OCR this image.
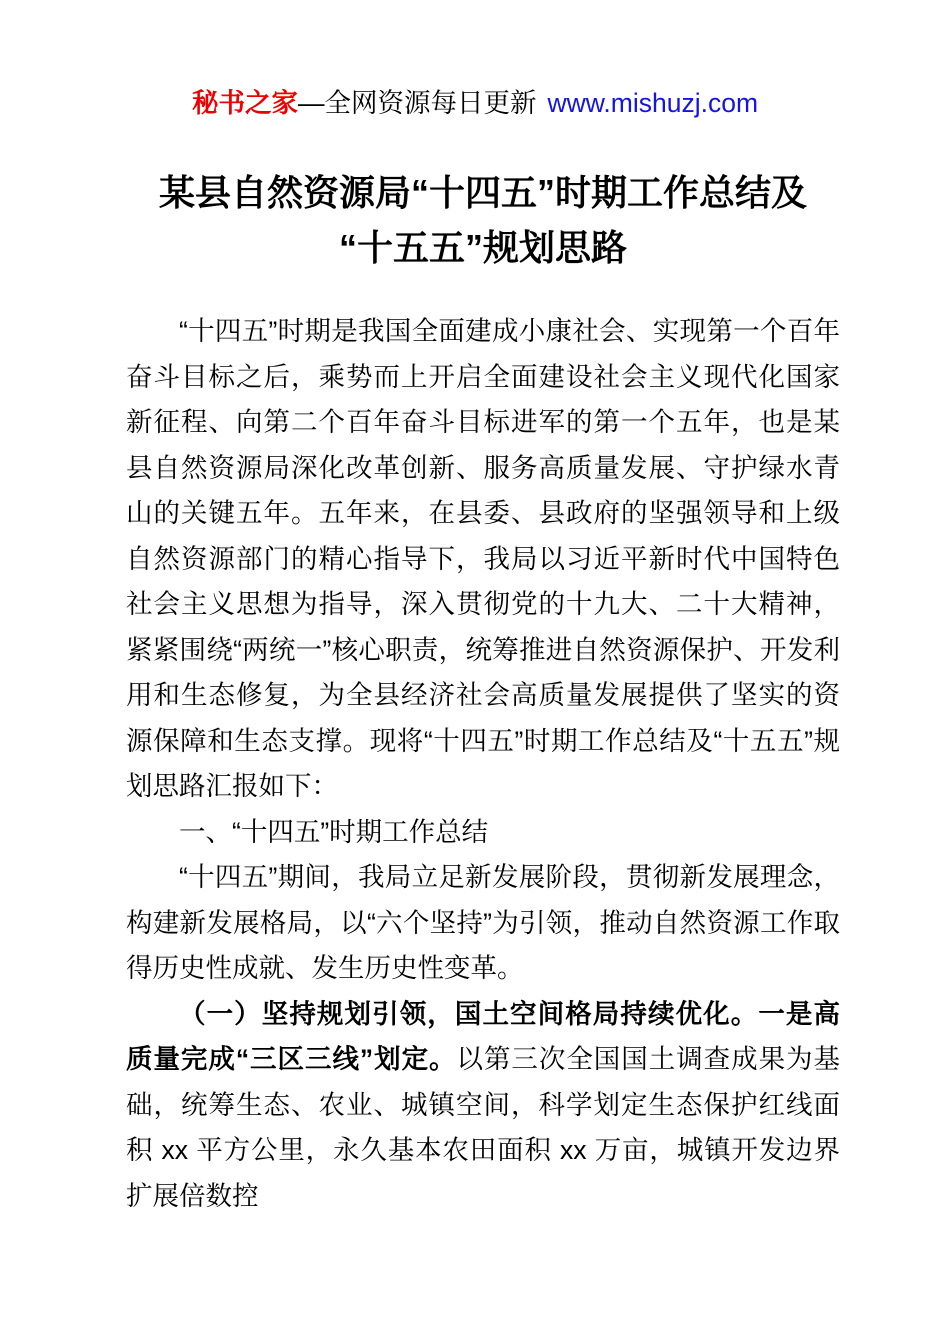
秘书之家—全网资源每日更新 www.mishuzj.com
某县自然资源局“十四五”时期工作总结及
“十五五”规划思路

“十四五”时期是我国全面建成小康社会、实现第一个百年奋斗目标之后，乘势而上开启全面建设社会主义现代化国家新征程、向第二个百年奋斗目标进军的第一个五年，也是某县自然资源局深化改革创新、服务高质量发展、守护绿水青山的关键五年。五年来，在县委、县政府的坚强领导和上级自然资源部门的精心指导下，我局以习近平新时代中国特色社会主义思想为指导，深入贯彻党的十九大、二十大精神，紧紧围绕“两统一”核心职责，统筹推进自然资源保护、开发利用和生态修复，为全县经济社会高质量发展提供了坚实的资源保障和生态支撑。现将“十四五”时期工作总结及“十五五”规划思路汇报如下：

一、“十四五”时期工作总结

“十四五”期间，我局立足新发展阶段，贯彻新发展理念，构建新发展格局，以“六个坚持”为引领，推动自然资源工作取得历史性成就、发生历史性变革。

（一）坚持规划引领，国土空间格局持续优化。一是高质量完成“三区三线”划定。以第三次全国国土调查成果为基础，统筹生态、农业、城镇空间，科学划定生态保护红线面积 xx 平方公里，永久基本农田面积 xx 万亩，城镇开发边界扩展倍数控
